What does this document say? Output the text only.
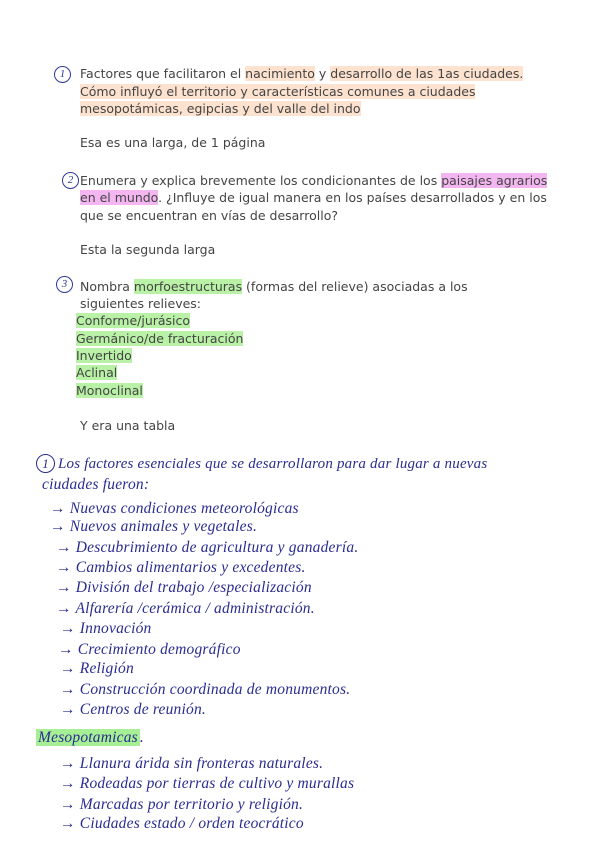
1	Factores que facilitaron el nacimiento y desarrollo de las 1as ciudades.
Cómo influyó el territorio y características comunes a ciudades
mesopotámicas, egipcias y del valle del indo
Esa es una larga, de 1 página
2 Enumera y explica brevemente los condicionantes de los paisajes agrarios
en el mundo. ¿Influye de igual manera en los países desarrollados y en los
que se encuentran en vías de desarrollo?
Esta la segunda larga
3	Nombra morfoestructuras (formas del relieve) asociadas a los
siguientes relieves:
Conforme/jurásico
Germánico/de fracturación
Invertido
Aclinal
Monoclinal
Y era una tabla
1 Los factores esenciales que se desarrollaron para dar lugar a nuevas
ciudades fueron:
→ Nuevas condiciones meteorológicas
→ Nuevos animales y vegetales.
→ Descubrimiento de agricultura y ganadería.
→ Cambios alimentarios y excedentes.
→ División del trabajo /especialización
→ Alfarería /cerámica / administración.
→ Innovación
→ Crecimiento demográfico
→ Religión
→ Construcción coordinada de monumentos.
→ Centros de reunión.
Mesopotamicas .
→ Llanura árida sin fronteras naturales.
→ Rodeadas por tierras de cultivo y murallas
→ Marcadas por territorio y religión.
→ Ciudades estado / orden teocrático
